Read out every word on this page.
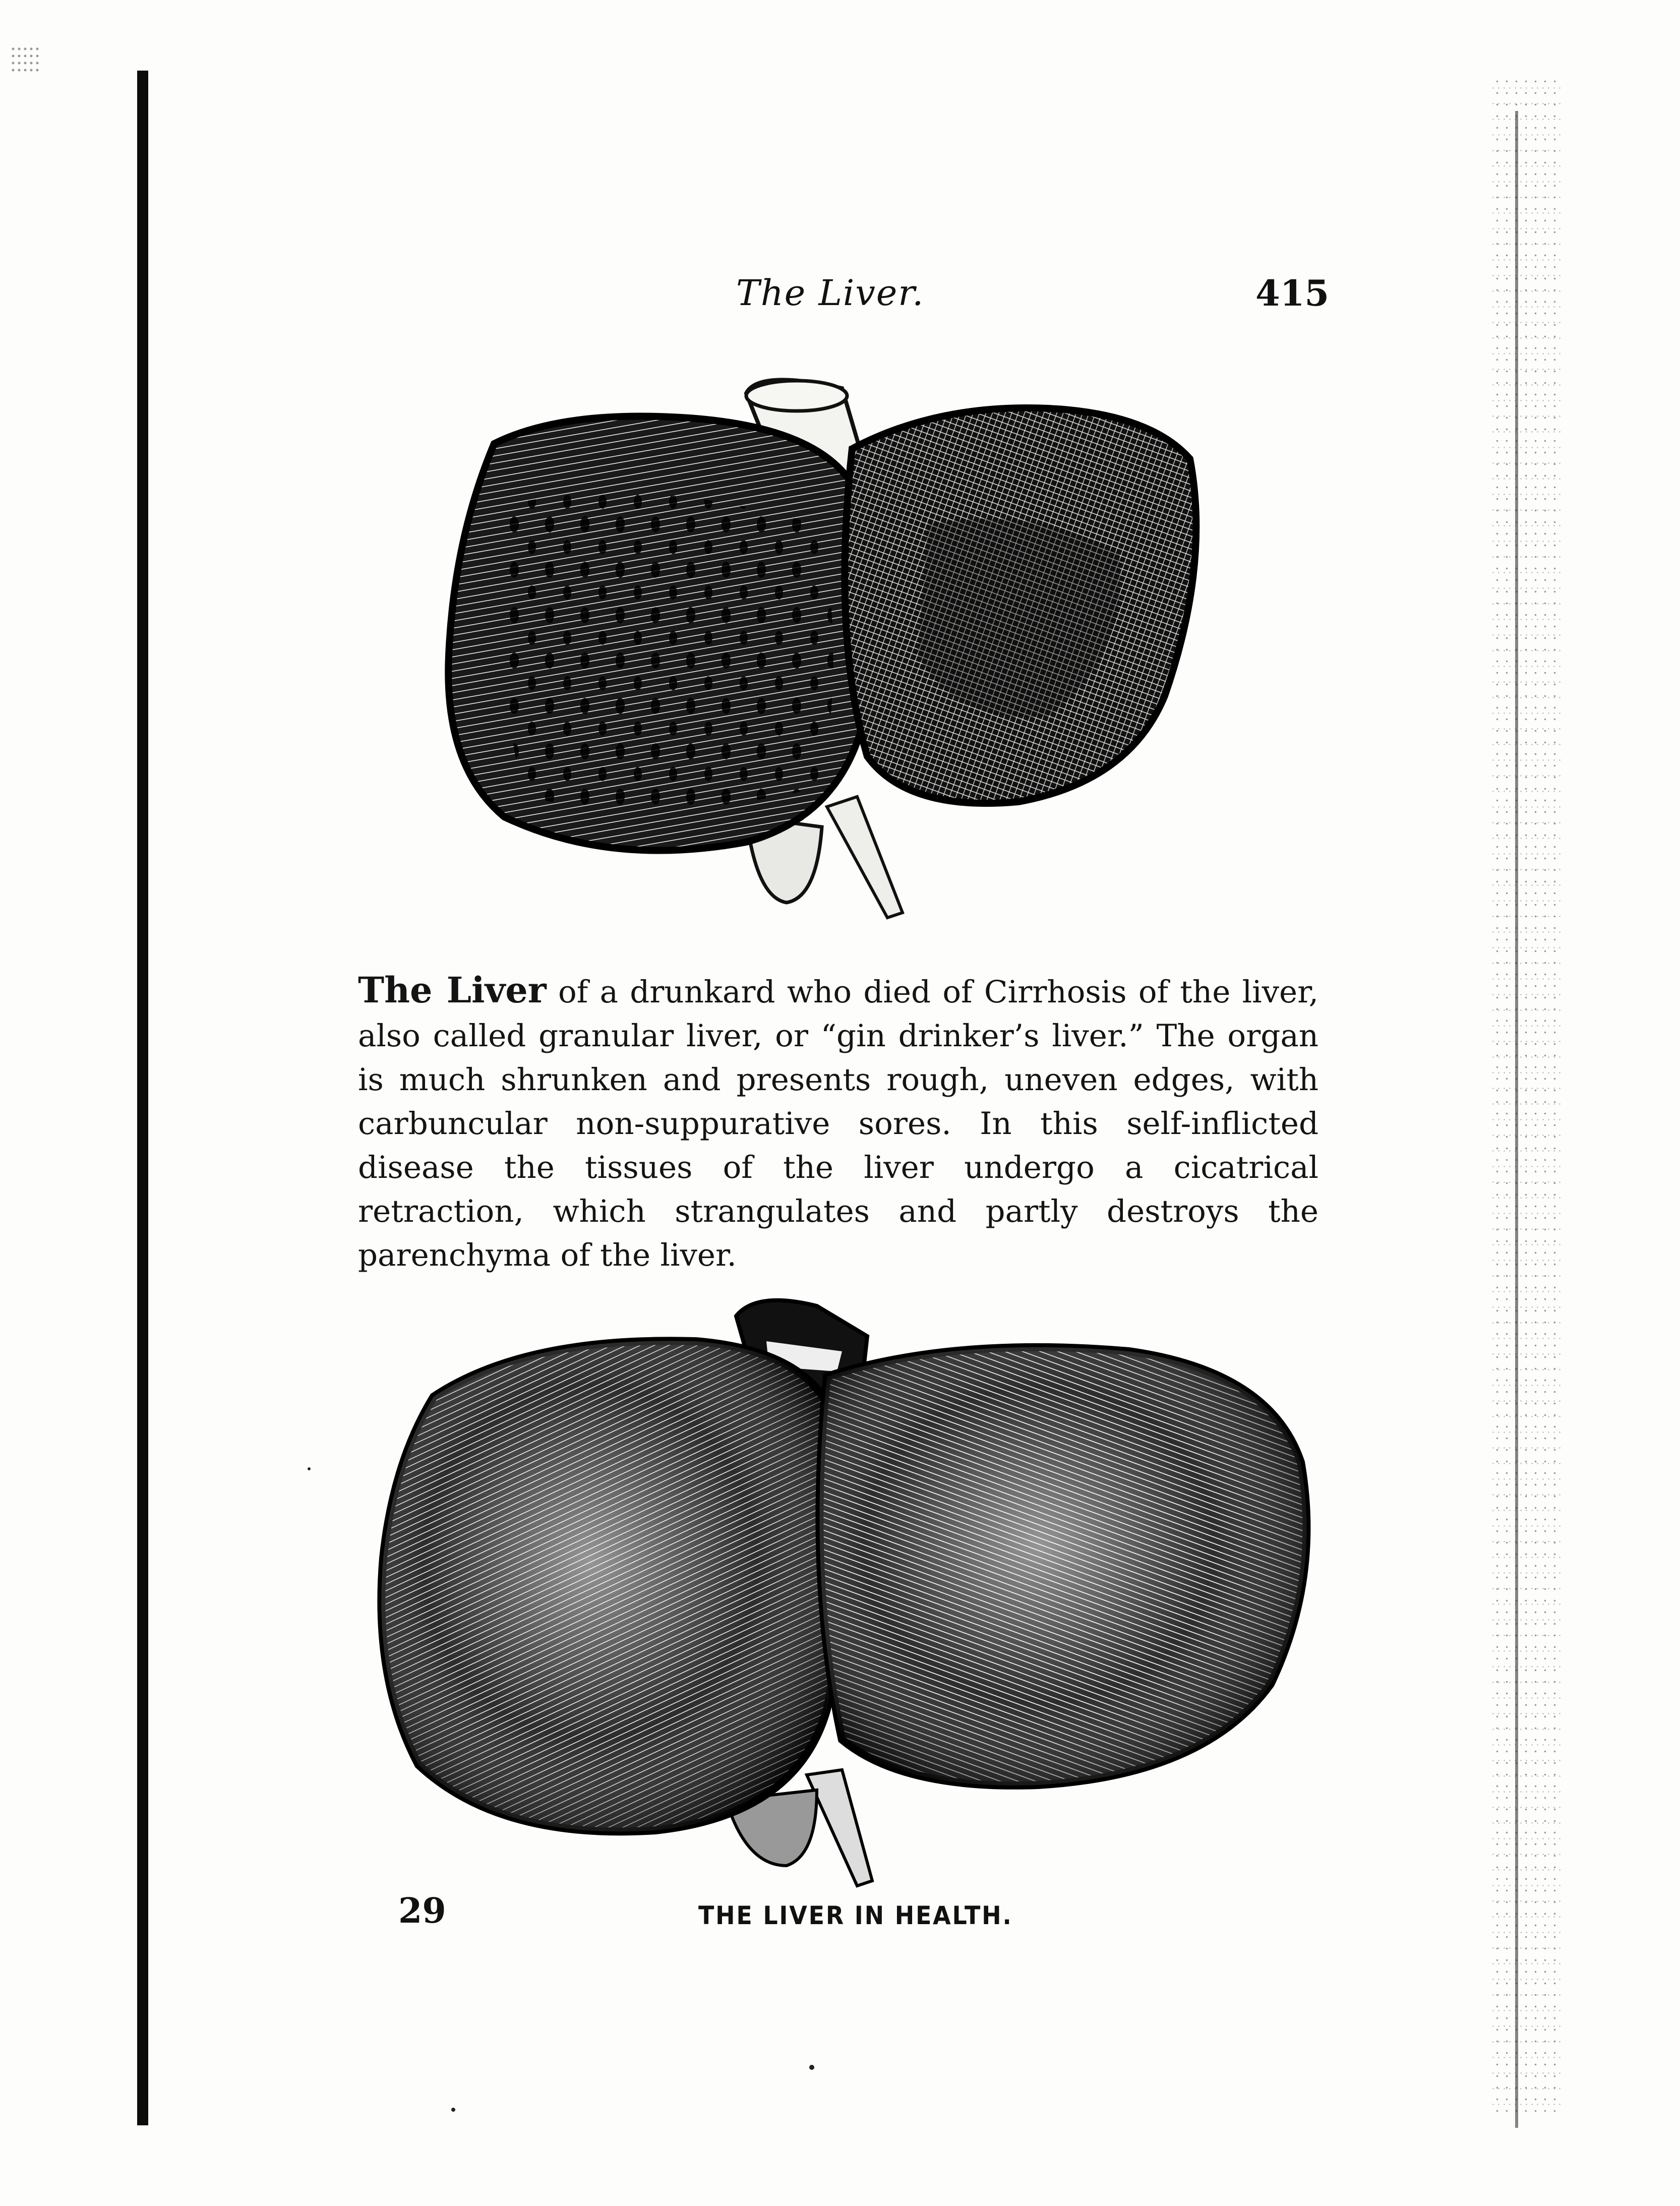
The Liver.	415
The Liver of a drunkard who died of Cirrhosis of the liver, also called granular liver, or “gin drinker’s liver.” The organ is much shrunken and presents rough, uneven edges, with carbuncular non-suppurative sores. In this self-inflicted disease the tissues of the liver undergo a cicatrical retraction, which strangulates and partly destroys the parenchyma of the liver.
29	THE LIVER IN HEALTH.
